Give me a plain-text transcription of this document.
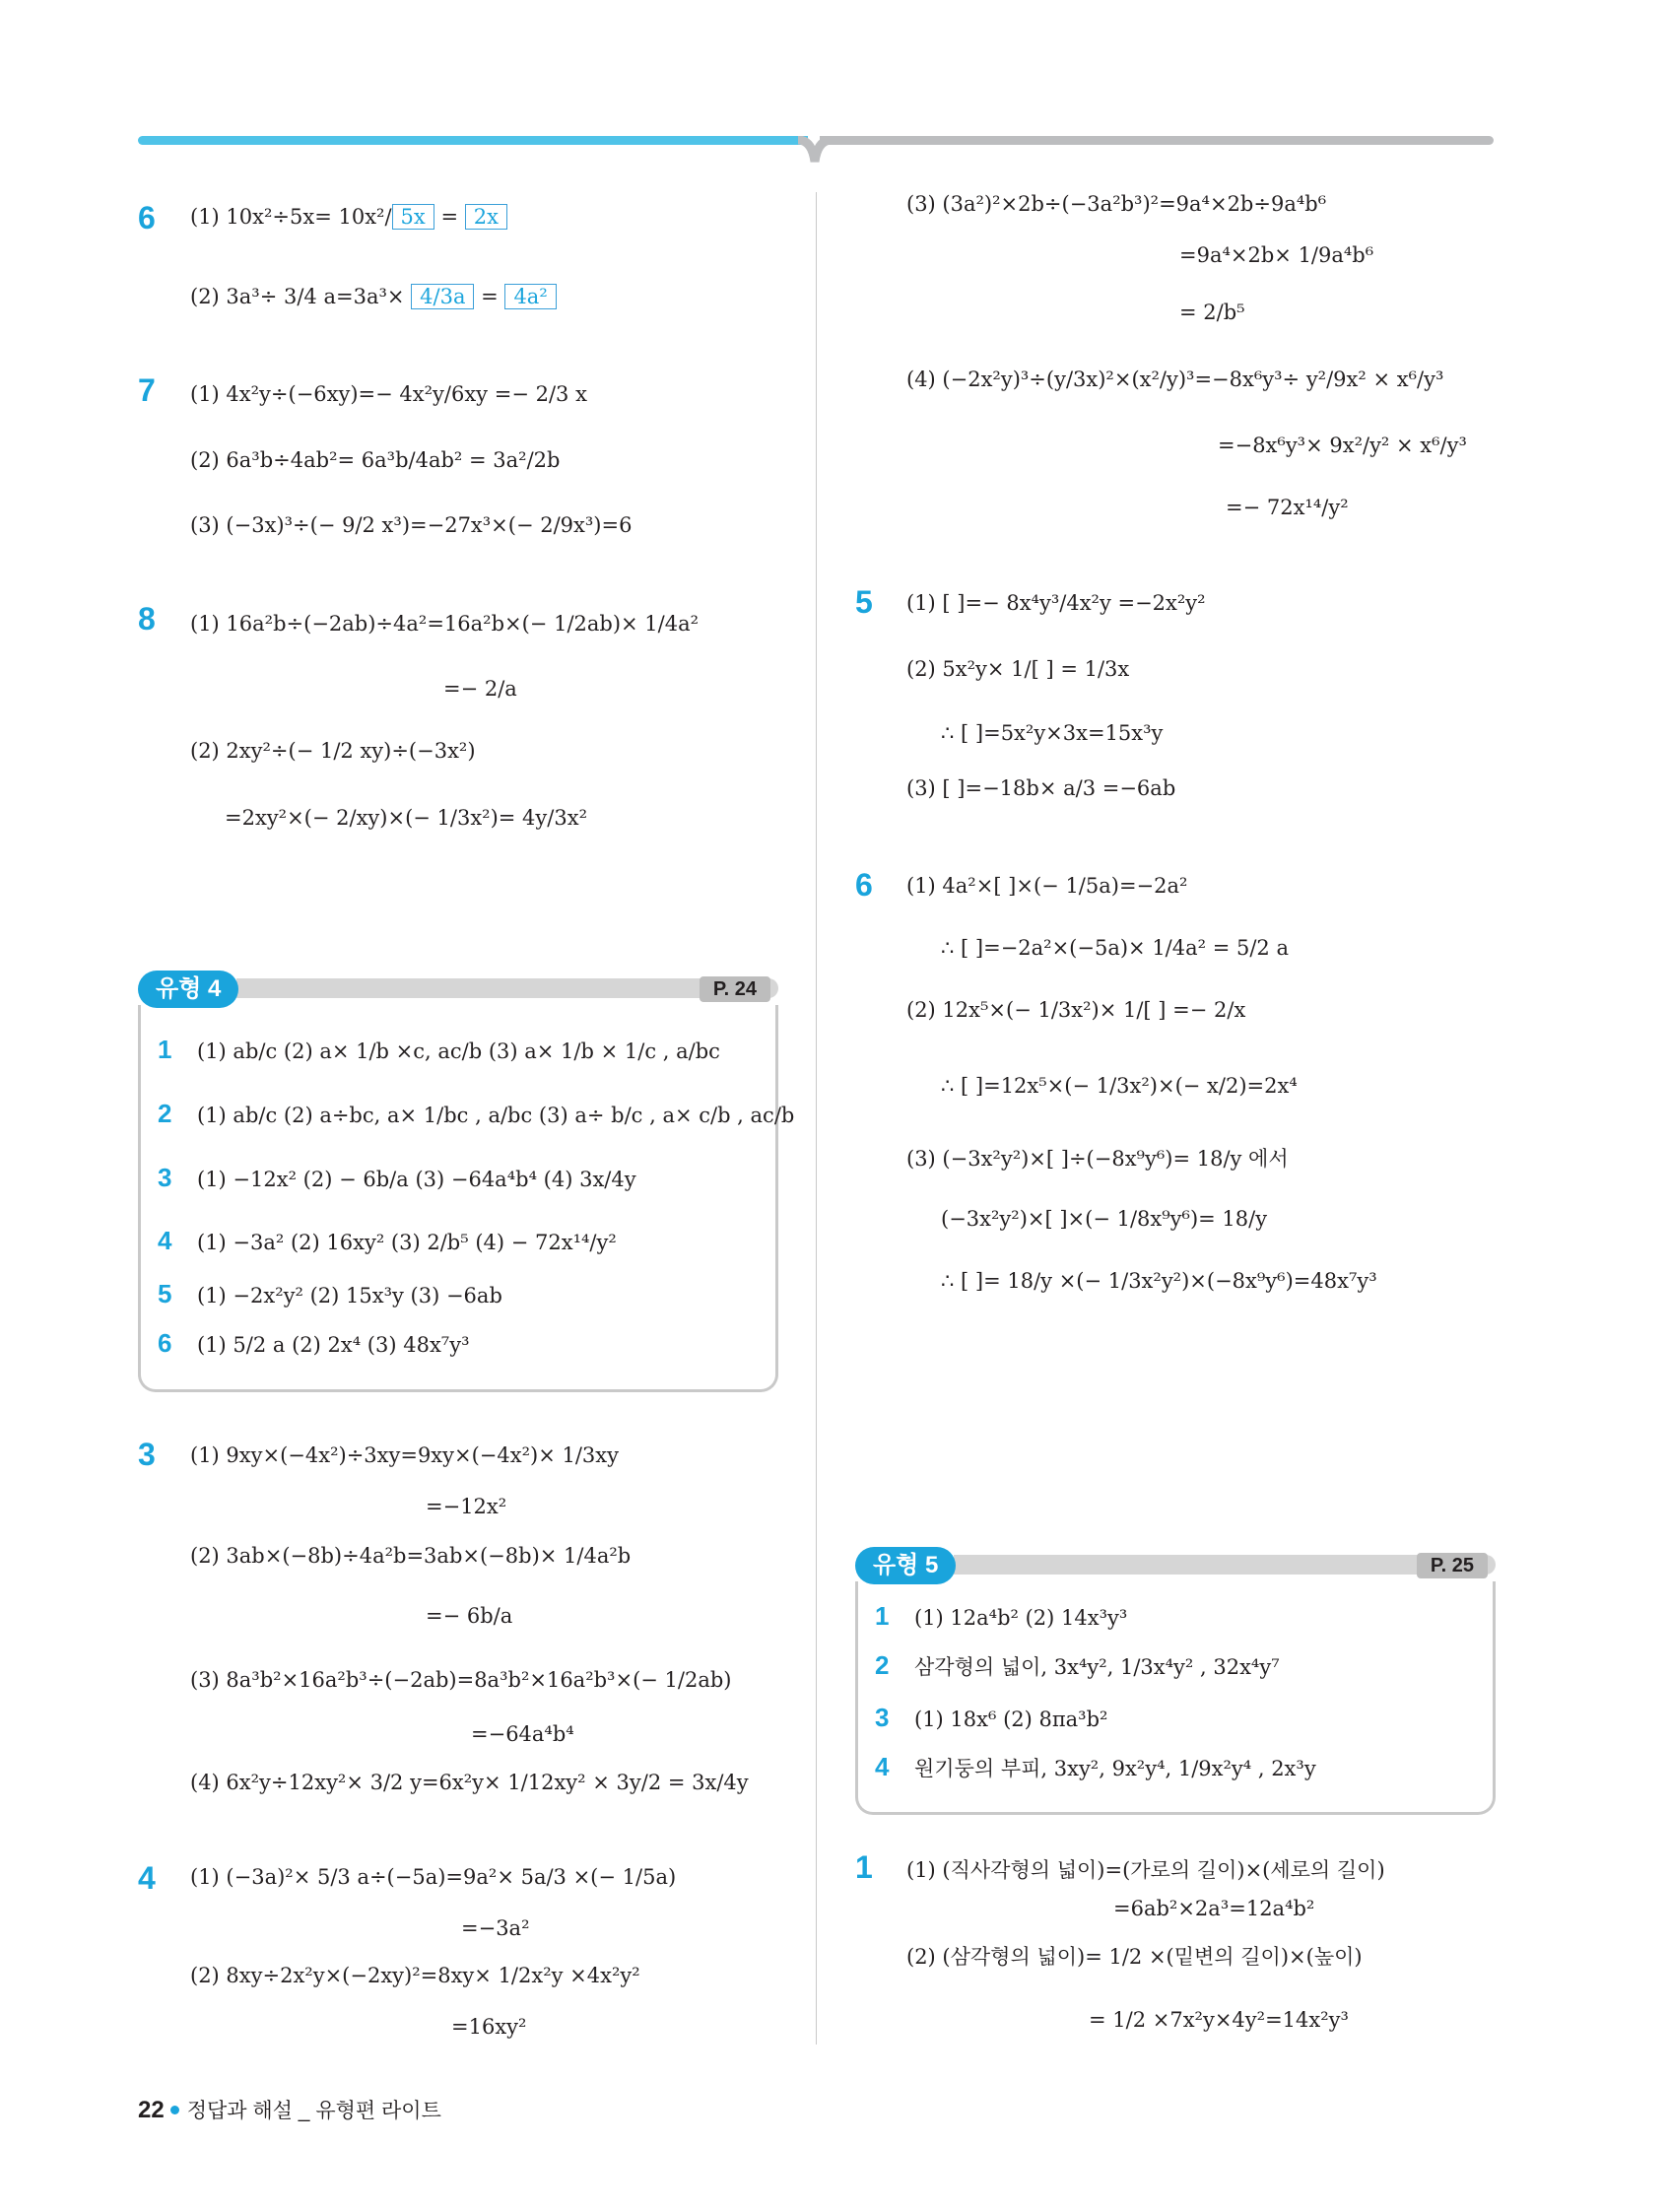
6 (1) 10x²÷5x= 10x²/ 5x = 2x
(2) 3a³÷ 3/4 a=3a³× 4/3a = 4a²
7 (1) 4x²y÷(−6xy)=− 4x²y/6xy =− 2/3 x
(2) 6a³b÷4ab²= 6a³b/4ab² = 3a²/2b
(3) (−3x)³÷(− 9/2 x³)=−27x³×(− 2/9x³)=6
8 (1) 16a²b÷(−2ab)÷4a²=16a²b×(− 1/2ab)× 1/4a²
=− 2/a
(2) 2xy²÷(− 1/2 xy)÷(−3x²)
=2xy²×(− 2/xy)×(− 1/3x²)= 4y/3x²
유형 4	P. 24
1 (1) ab/c (2) a× 1/b ×c, ac/b (3) a× 1/b × 1/c , a/bc
2 (1) ab/c (2) a÷bc, a× 1/bc , a/bc (3) a÷ b/c , a× c/b , ac/b
3 (1) −12x² (2) − 6b/a (3) −64a⁴b⁴ (4) 3x/4y
4 (1) −3a² (2) 16xy² (3) 2/b⁵ (4) − 72x¹⁴/y²
5 (1) −2x²y² (2) 15x³y (3) −6ab
6 (1) 5/2 a (2) 2x⁴ (3) 48x⁷y³
3 (1) 9xy×(−4x²)÷3xy=9xy×(−4x²)× 1/3xy
=−12x²
(2) 3ab×(−8b)÷4a²b=3ab×(−8b)× 1/4a²b
=− 6b/a
(3) 8a³b²×16a²b³÷(−2ab)=8a³b²×16a²b³×(− 1/2ab)
=−64a⁴b⁴
(4) 6x²y÷12xy²× 3/2 y=6x²y× 1/12xy² × 3y/2 = 3x/4y
4 (1) (−3a)²× 5/3 a÷(−5a)=9a²× 5a/3 ×(− 1/5a)
=−3a²
(2) 8xy÷2x²y×(−2xy)²=8xy× 1/2x²y ×4x²y²
=16xy²
(3) (3a²)²×2b÷(−3a²b³)²=9a⁴×2b÷9a⁴b⁶
=9a⁴×2b× 1/9a⁴b⁶
= 2/b⁵
(4) (−2x²y)³÷(y/3x)²×(x²/y)³=−8x⁶y³÷ y²/9x² × x⁶/y³
=−8x⁶y³× 9x²/y² × x⁶/y³
=− 72x¹⁴/y²
5 (1) [ ]=− 8x⁴y³/4x²y =−2x²y²
(2) 5x²y× 1/[ ] = 1/3x
∴ [ ]=5x²y×3x=15x³y
(3) [ ]=−18b× a/3 =−6ab
6 (1) 4a²×[ ]×(− 1/5a)=−2a²
∴ [ ]=−2a²×(−5a)× 1/4a² = 5/2 a
(2) 12x⁵×(− 1/3x²)× 1/[ ] =− 2/x
∴ [ ]=12x⁵×(− 1/3x²)×(− x/2)=2x⁴
(3) (−3x²y²)×[ ]÷(−8x⁹y⁶)= 18/y 에서
(−3x²y²)×[ ]×(− 1/8x⁹y⁶)= 18/y
∴ [ ]= 18/y ×(− 1/3x²y²)×(−8x⁹y⁶)=48x⁷y³
유형 5	P. 25
1 (1) 12a⁴b² (2) 14x³y³
2 삼각형의 넓이, 3x⁴y², 1/3x⁴y² , 32x⁴y⁷
3 (1) 18x⁶ (2) 8πa³b²
4 원기둥의 부피, 3xy², 9x²y⁴, 1/9x²y⁴ , 2x³y
1 (1) (직사각형의 넓이)=(가로의 길이)×(세로의 길이)
=6ab²×2a³=12a⁴b²
(2) (삼각형의 넓이)= 1/2 ×(밑변의 길이)×(높이)
= 1/2 ×7x²y×4y²=14x²y³
22 정답과 해설 _ 유형편 라이트
